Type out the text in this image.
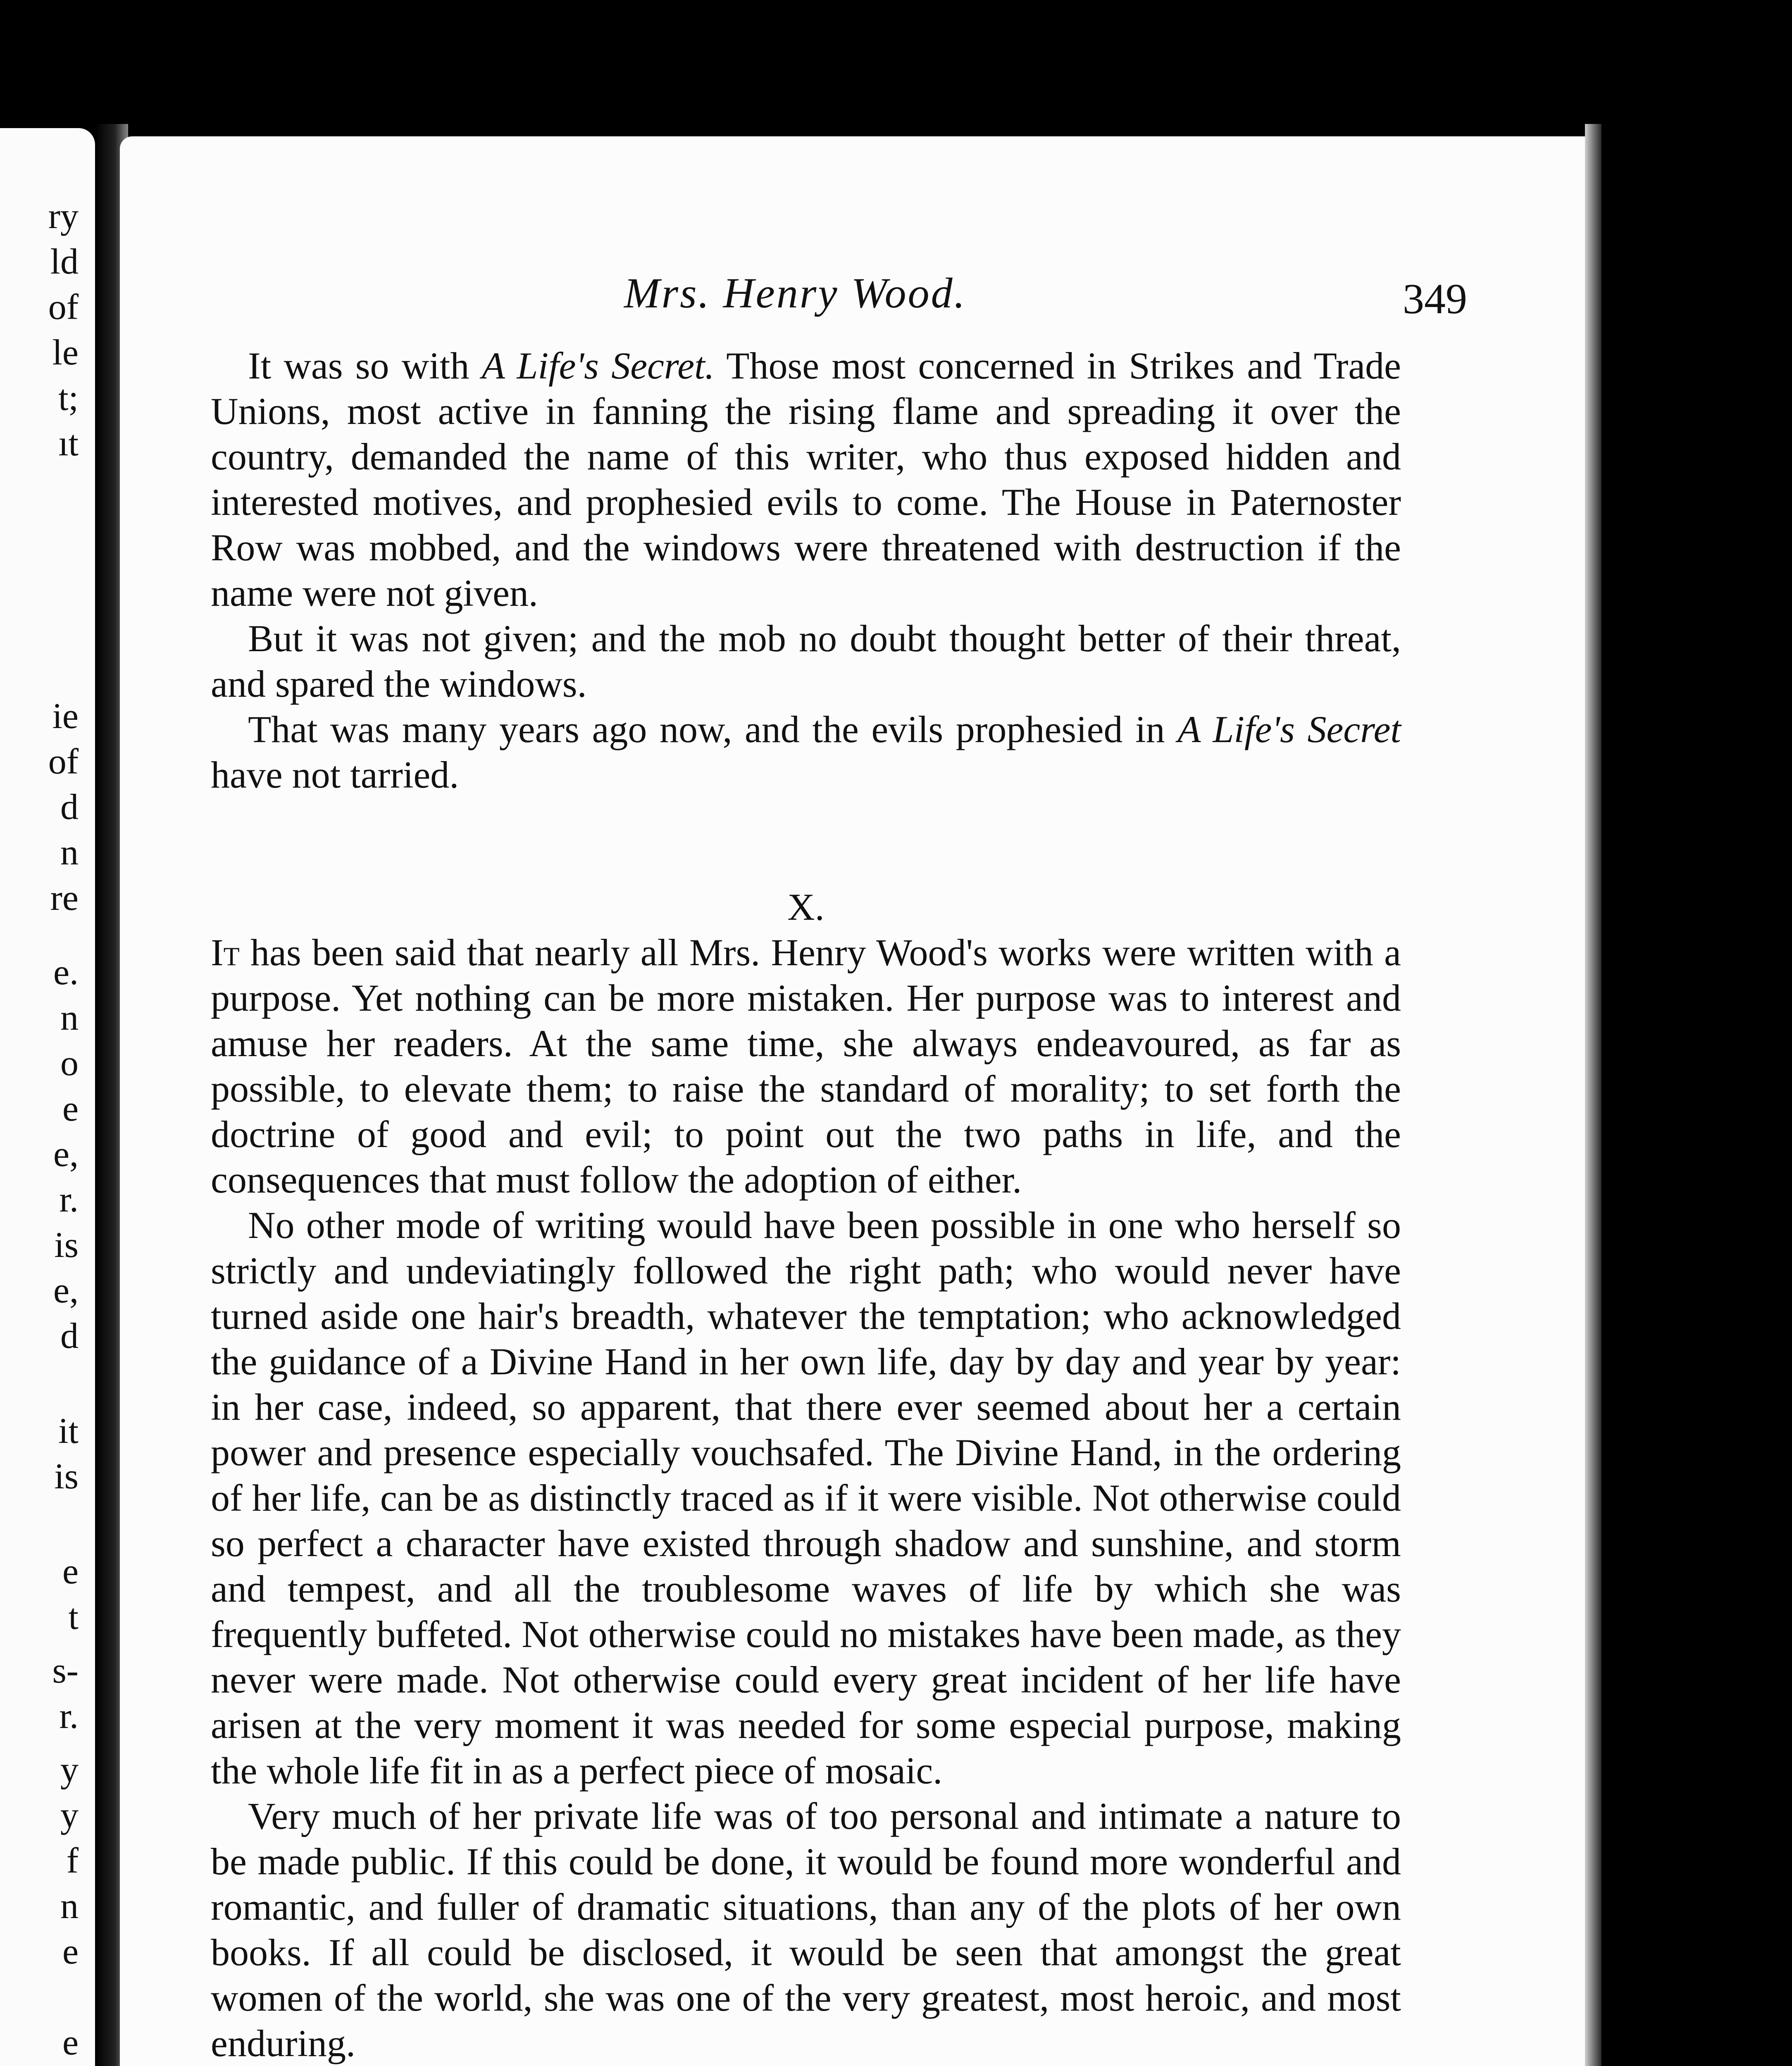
ry
ld
of
le
t;
ıt
ie
of
d
n
re
e.
n
o
e
e,
r.
is
e,
d
it
is
e
t
s-
r.
y
y
f
n
e
e
Mrs. Henry Wood.	349

It was so with A Life's Secret. Those most concerned in Strikes and Trade Unions, most active in fanning the rising flame and spreading it over the country, demanded the name of this writer, who thus exposed hidden and interested motives, and prophesied evils to come. The House in Paternoster Row was mobbed, and the windows were threatened with destruction if the name were not given.

But it was not given; and the mob no doubt thought better of their threat, and spared the windows.

That was many years ago now, and the evils prophesied in A Life's Secret have not tarried.

X.

It has been said that nearly all Mrs. Henry Wood's works were written with a purpose. Yet nothing can be more mistaken. Her purpose was to interest and amuse her readers. At the same time, she always endeavoured, as far as possible, to elevate them; to raise the standard of morality; to set forth the doctrine of good and evil; to point out the two paths in life, and the consequences that must follow the adoption of either.

No other mode of writing would have been possible in one who herself so strictly and undeviatingly followed the right path; who would never have turned aside one hair's breadth, whatever the temptation; who acknowledged the guidance of a Divine Hand in her own life, day by day and year by year: in her case, indeed, so apparent, that there ever seemed about her a certain power and presence especially vouchsafed. The Divine Hand, in the ordering of her life, can be as distinctly traced as if it were visible. Not otherwise could so perfect a character have existed through shadow and sunshine, and storm and tempest, and all the troublesome waves of life by which she was frequently buffeted. Not otherwise could no mistakes have been made, as they never were made. Not otherwise could every great incident of her life have arisen at the very moment it was needed for some especial purpose, making the whole life fit in as a perfect piece of mosaic.

Very much of her private life was of too personal and intimate a nature to be made public. If this could be done, it would be found more wonderful and romantic, and fuller of dramatic situations, than any of the plots of her own books. If all could be disclosed, it would be seen that amongst the great women of the world, she was one of the very greatest, most heroic, and most enduring.
